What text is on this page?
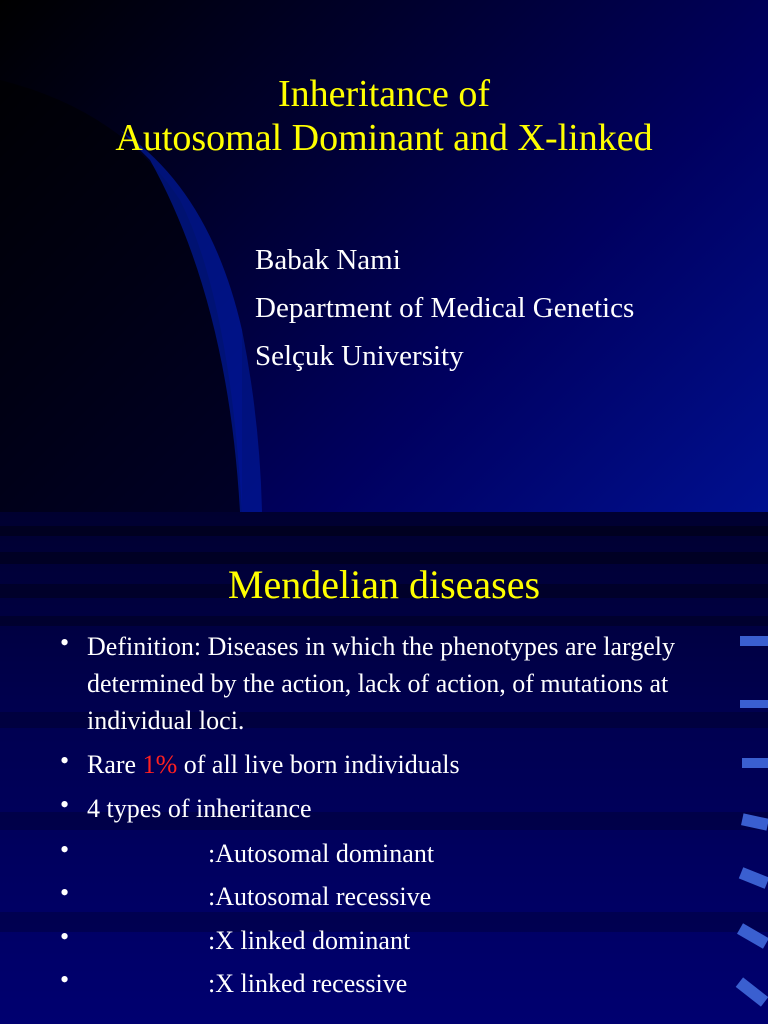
Inheritance of
Autosomal Dominant and X-linked
Babak Nami
Department of Medical Genetics
Selçuk University
Mendelian diseases
• Definition: Diseases in which the phenotypes are largely determined by the action, lack of action, of mutations at individual loci.
• Rare 1% of all live born individuals
• 4 types of inheritance
•	:Autosomal dominant
•	:Autosomal recessive
•	:X linked dominant
•	:X linked recessive
